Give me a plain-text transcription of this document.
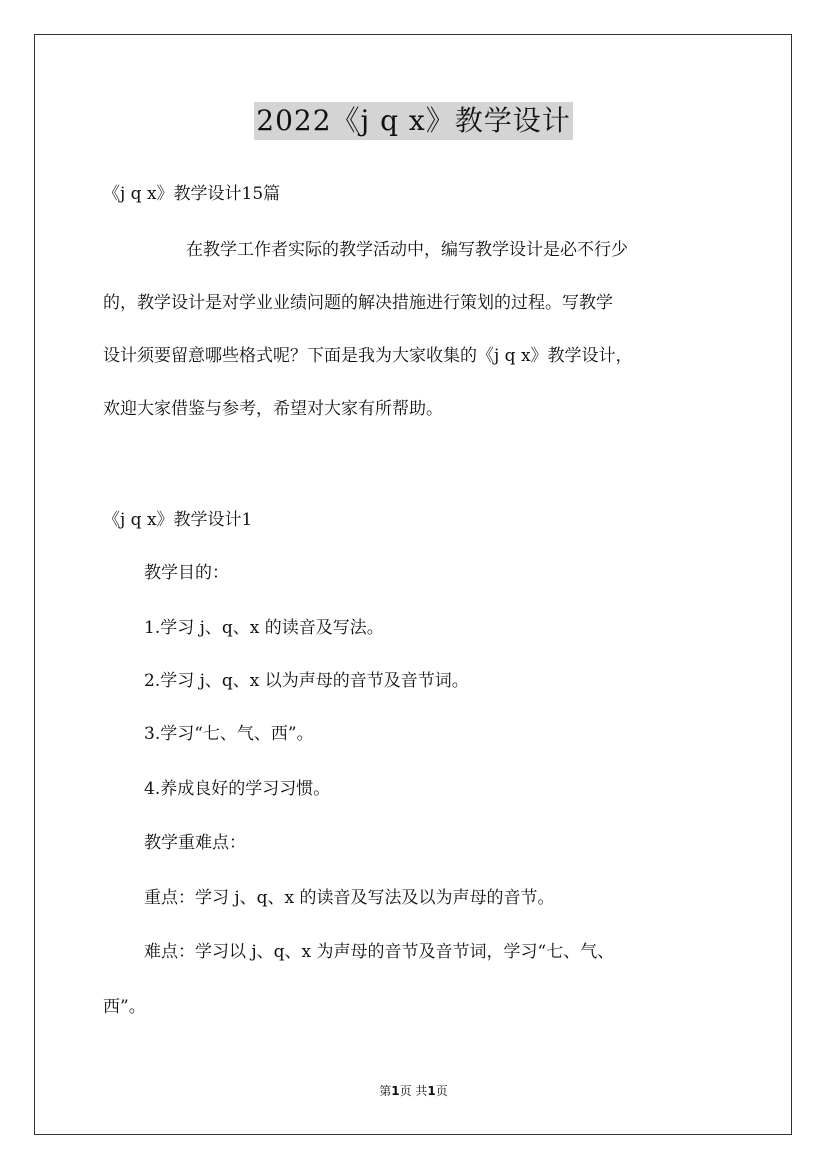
2022《j q x》教学设计
《j q x》教学设计15篇
在教学工作者实际的教学活动中，编写教学设计是必不行少
的，教学设计是对学业业绩问题的解决措施进行策划的过程。写教学
设计须要留意哪些格式呢？下面是我为大家收集的《j q x》教学设计，
欢迎大家借鉴与参考，希望对大家有所帮助。
《j q x》教学设计1
教学目的：
1.学习 j、q、x 的读音及写法。
2.学习 j、q、x 以为声母的音节及音节词。
3.学习“七、气、西”。
4.养成良好的学习习惯。
教学重难点：
重点：学习 j、q、x 的读音及写法及以为声母的音节。
难点：学习以 j、q、x 为声母的音节及音节词，学习“七、气、
西”。
第1页 共1页
